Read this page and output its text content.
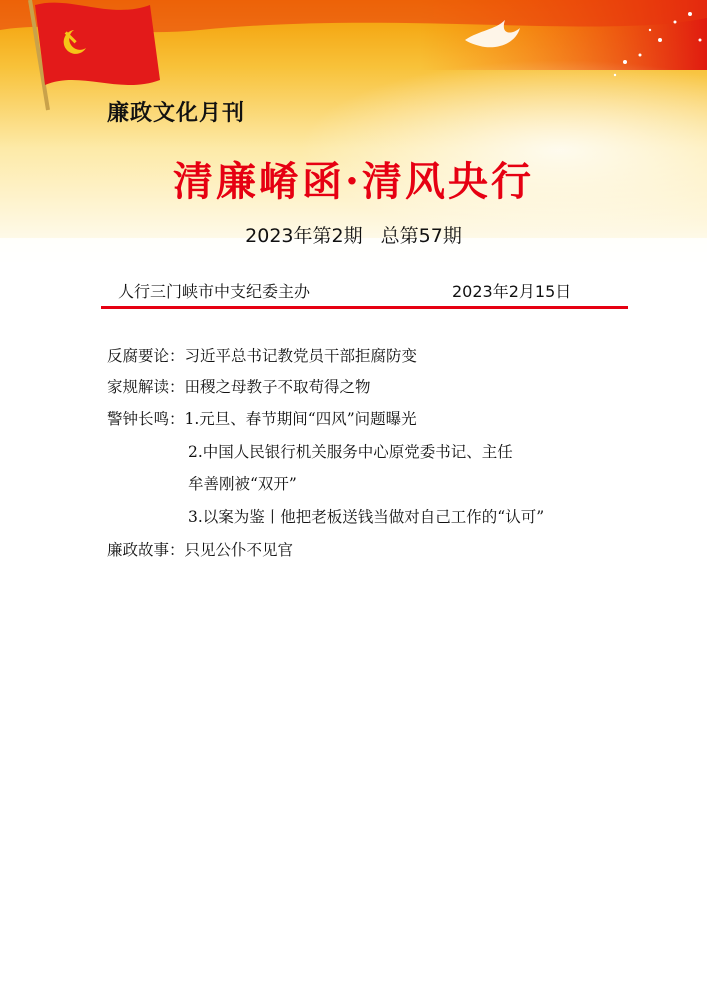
廉政文化月刊
清廉崤函·清风央行
2023年第2期 总第57期
人行三门峡市中支纪委主办	2023年2月15日
反腐要论：习近平总书记教党员干部拒腐防变
家规解读：田稷之母教子不取苟得之物
警钟长鸣：1.元旦、春节期间“四风”问题曝光
2.中国人民银行机关服务中心原党委书记、主任
牟善刚被“双开”
3.以案为鉴丨他把老板送钱当做对自己工作的“认可”
廉政故事：只见公仆不见官
